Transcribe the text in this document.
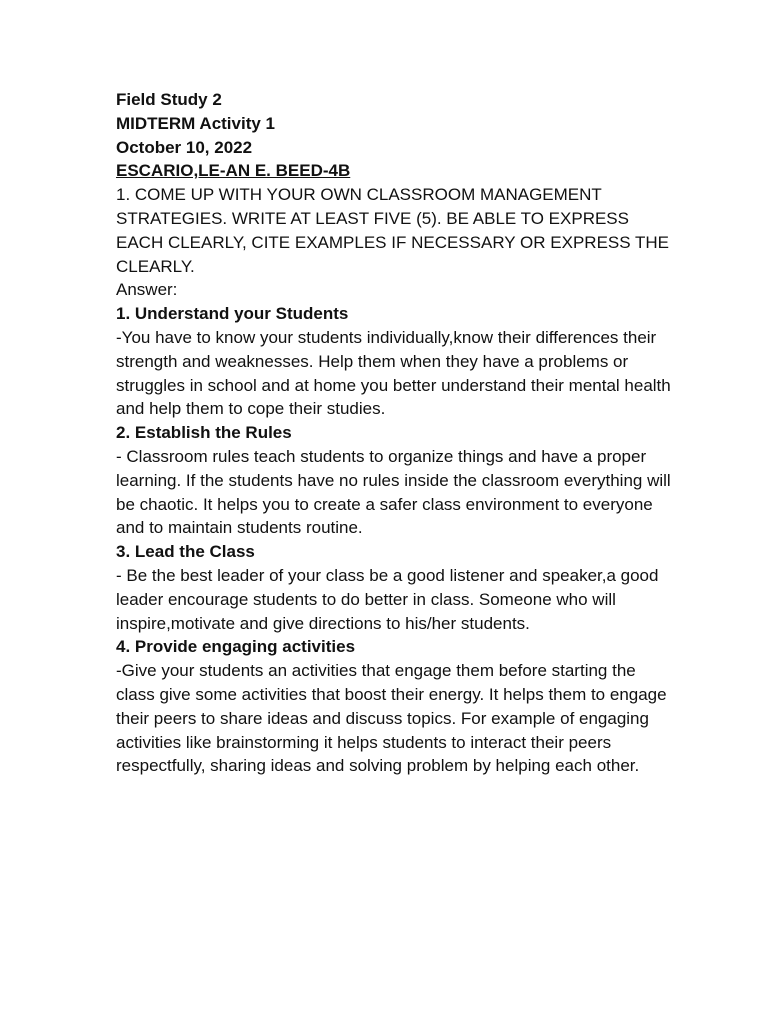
Field Study 2

MIDTERM Activity 1

October 10, 2022

ESCARIO,LE-AN E. BEED-4B

1. COME UP WITH YOUR OWN CLASSROOM MANAGEMENT STRATEGIES. WRITE AT LEAST FIVE (5). BE ABLE TO EXPRESS EACH CLEARLY, CITE EXAMPLES IF NECESSARY OR EXPRESS THE CLEARLY.

Answer:

1. Understand your Students

-You have to know your students individually,know their differences their strength and weaknesses. Help them when they have a problems or struggles in school and at home you better understand their mental health and help them to cope their studies.

2. Establish the Rules

- Classroom rules teach students to organize things and have a proper learning. If the students have no rules inside the classroom everything will be chaotic. It helps you to create a safer class environment to everyone and to maintain students routine.

3. Lead the Class

- Be the best leader of your class be a good listener and speaker,a good leader encourage students to do better in class. Someone who will inspire,motivate and give directions to his/her students.

4. Provide engaging activities

-Give your students an activities that engage them before starting the class give some activities that boost their energy. It helps them to engage their peers to share ideas and discuss topics. For example of engaging activities like brainstorming it helps students to interact their peers respectfully, sharing ideas and solving problem by helping each other.
